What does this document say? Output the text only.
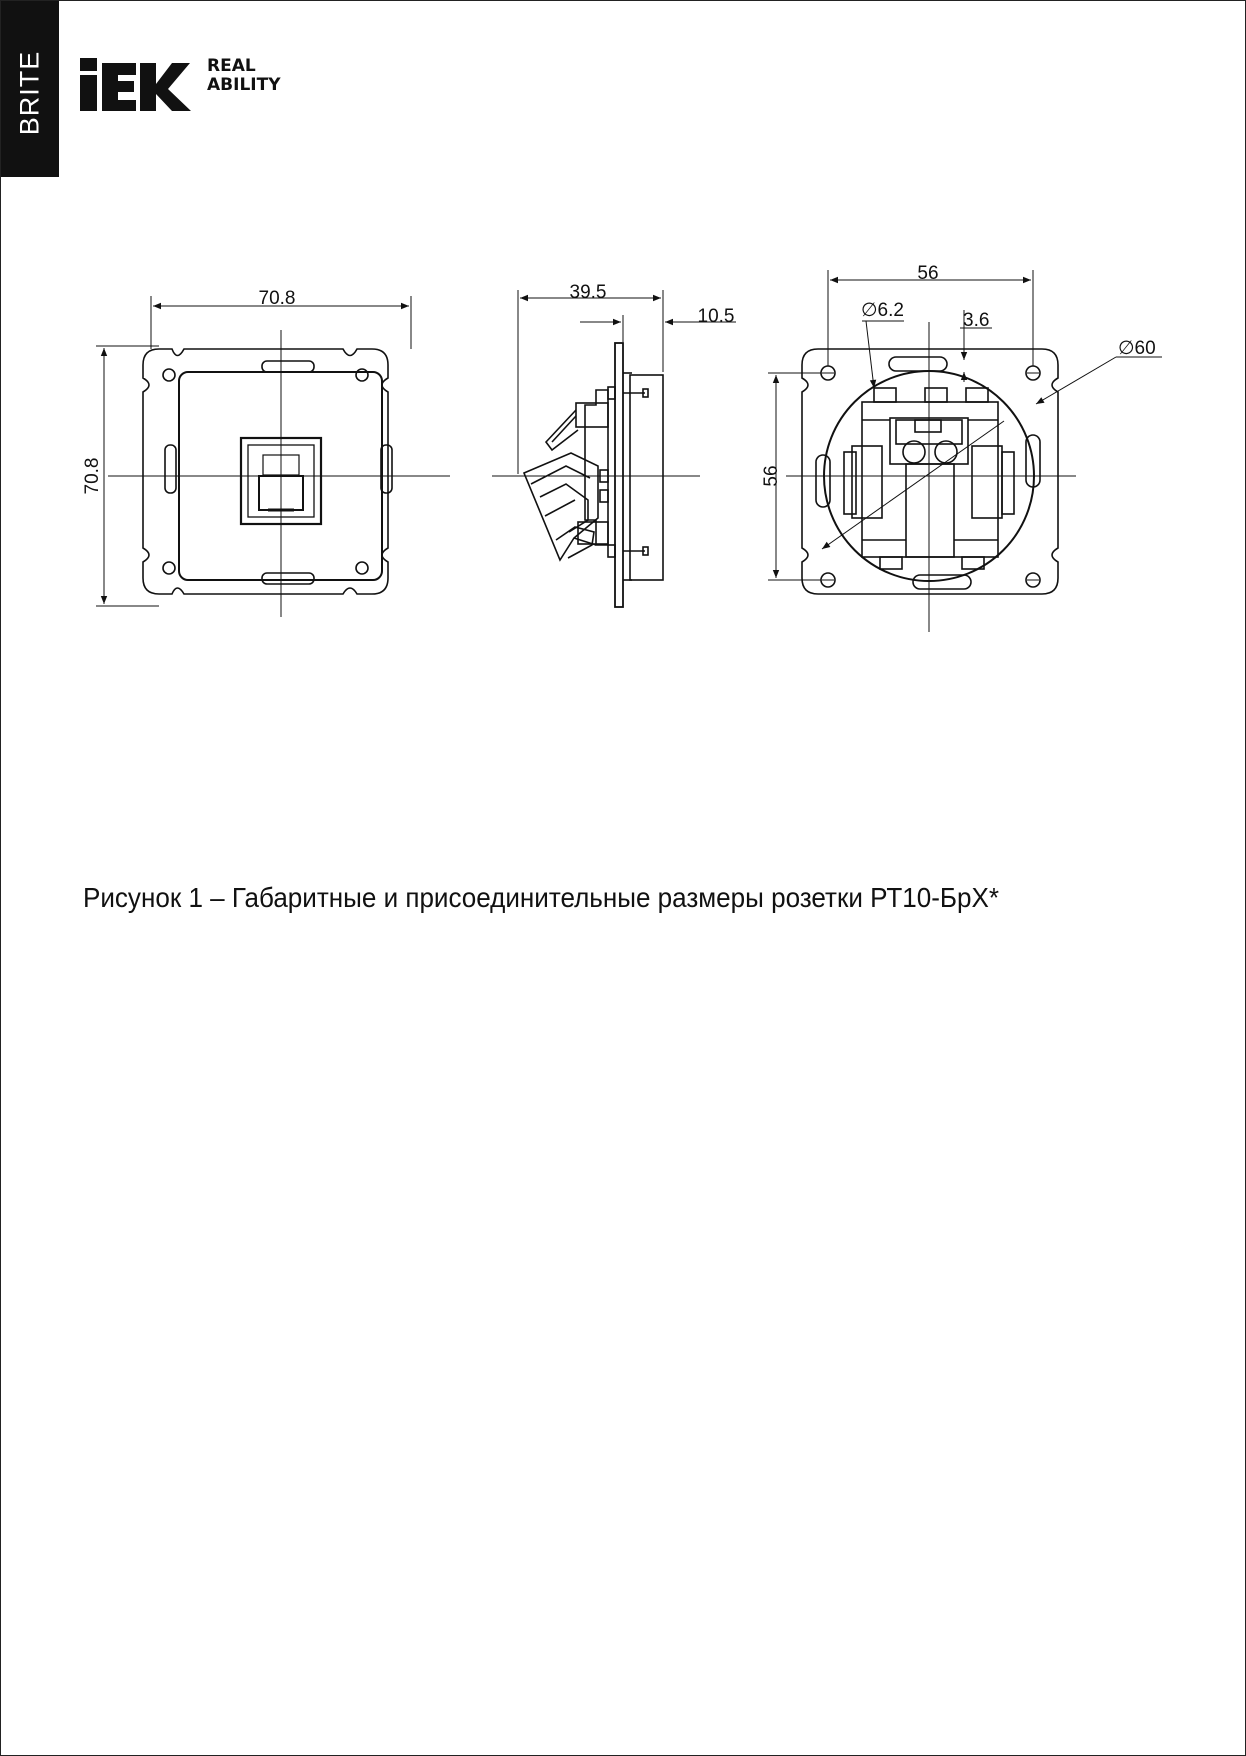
BRITE	REAL
ABILITY
70.8
70.8
39.5
10.5
56
56
∅6.2	3.6
∅60
Рисунок 1 – Габаритные и присоединительные размеры розетки РТ10-БрХ*
